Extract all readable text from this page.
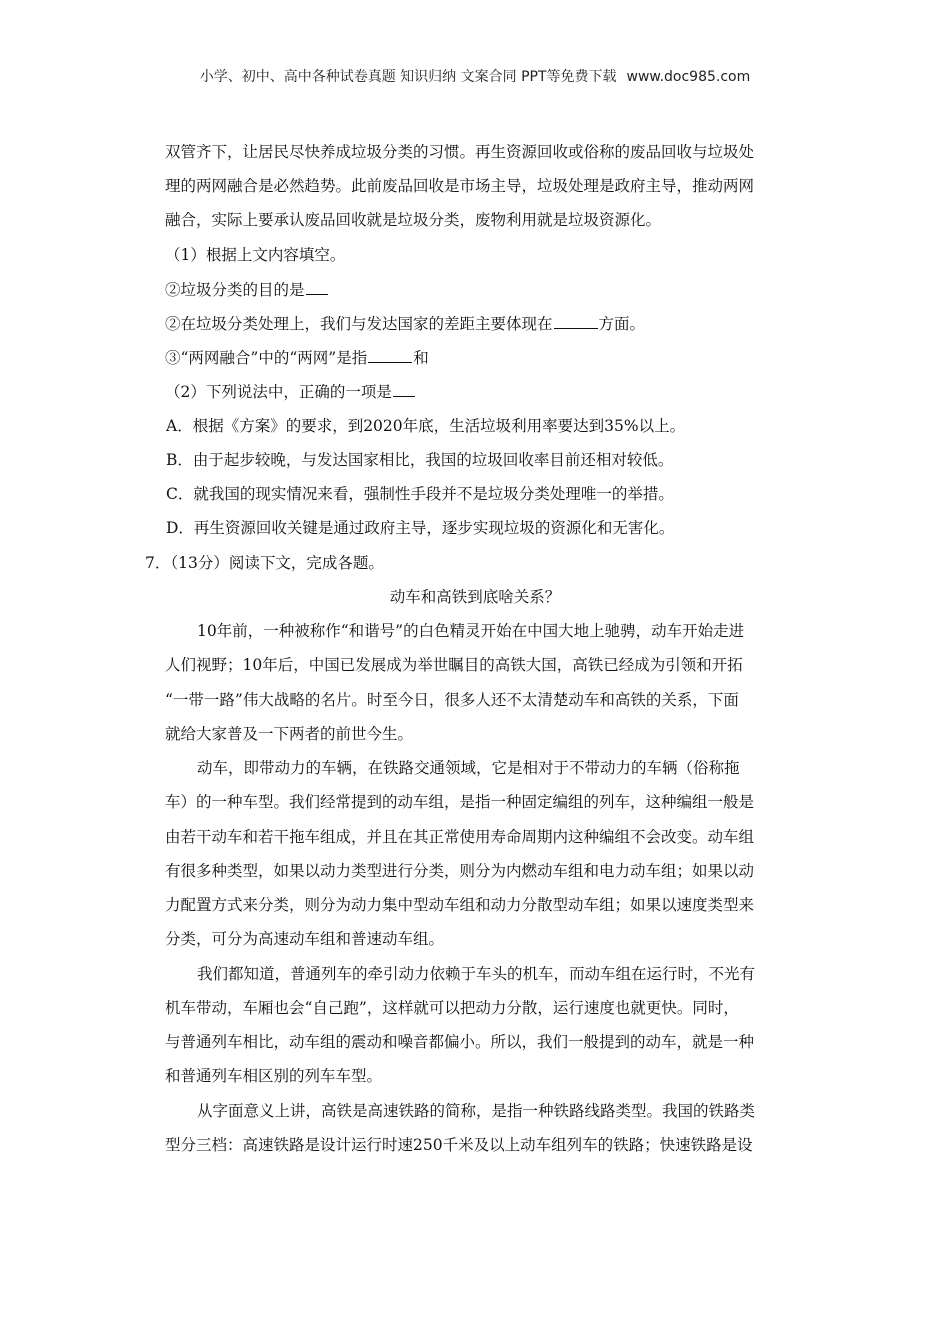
小学、初中、高中各种试卷真题 知识归纳 文案合同 PPT等免费下载 www.doc985.com
双管齐下，让居民尽快养成垃圾分类的习惯。再生资源回收或俗称的废品回收与垃圾处
理的两网融合是必然趋势。此前废品回收是市场主导，垃圾处理是政府主导，推动两网
融合，实际上要承认废品回收就是垃圾分类，废物利用就是垃圾资源化。
（1）根据上文内容填空。
②垃圾分类的目的是
②在垃圾分类处理上，我们与发达国家的差距主要体现在	方面。
③“两网融合”中的“两网”是指	和
（2）下列说法中，正确的一项是
A．根据《方案》的要求，到2020年底，生活垃圾利用率要达到35%以上。
B．由于起步较晚，与发达国家相比，我国的垃圾回收率目前还相对较低。
C．就我国的现实情况来看，强制性手段并不是垃圾分类处理唯一的举措。
D．再生资源回收关键是通过政府主导，逐步实现垃圾的资源化和无害化。
7．（13分）阅读下文，完成各题。
动车和高铁到底啥关系？
10年前，一种被称作“和谐号”的白色精灵开始在中国大地上驰骋，动车开始走进
人们视野；10年后，中国已发展成为举世瞩目的高铁大国，高铁已经成为引领和开拓
“一带一路”伟大战略的名片。时至今日，很多人还不太清楚动车和高铁的关系，下面
就给大家普及一下两者的前世今生。
动车，即带动力的车辆，在铁路交通领域，它是相对于不带动力的车辆（俗称拖
车）的一种车型。我们经常提到的动车组，是指一种固定编组的列车，这种编组一般是
由若干动车和若干拖车组成，并且在其正常使用寿命周期内这种编组不会改变。动车组
有很多种类型，如果以动力类型进行分类，则分为内燃动车组和电力动车组；如果以动
力配置方式来分类，则分为动力集中型动车组和动力分散型动车组；如果以速度类型来
分类，可分为高速动车组和普速动车组。
我们都知道，普通列车的牵引动力依赖于车头的机车，而动车组在运行时，不光有
机车带动，车厢也会“自己跑”，这样就可以把动力分散，运行速度也就更快。同时，
与普通列车相比，动车组的震动和噪音都偏小。所以，我们一般提到的动车，就是一种
和普通列车相区别的列车车型。
从字面意义上讲，高铁是高速铁路的简称，是指一种铁路线路类型。我国的铁路类
型分三档：高速铁路是设计运行时速250千米及以上动车组列车的铁路；快速铁路是设
